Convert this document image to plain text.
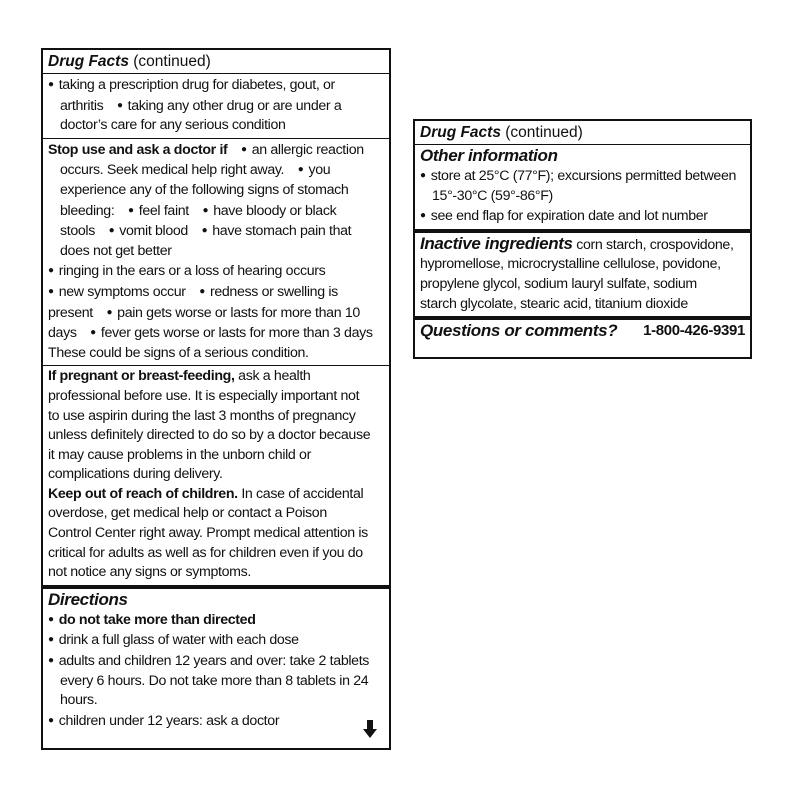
Drug Facts (continued)
● taking a prescription drug for diabetes, gout, or
arthritis ● taking any other drug or are under a
doctor’s care for any serious condition
Stop use and ask a doctor if ● an allergic reaction
occurs. Seek medical help right away. ● you
experience any of the following signs of stomach
bleeding: ● feel faint ● have bloody or black
stools ● vomit blood ● have stomach pain that
does not get better
● ringing in the ears or a loss of hearing occurs
● new symptoms occur ● redness or swelling is
present ● pain gets worse or lasts for more than 10
days ● fever gets worse or lasts for more than 3 days
These could be signs of a serious condition.
If pregnant or breast-feeding, ask a health
professional before use. It is especially important not
to use aspirin during the last 3 months of pregnancy
unless definitely directed to do so by a doctor because
it may cause problems in the unborn child or
complications during delivery.
Keep out of reach of children. In case of accidental
overdose, get medical help or contact a Poison
Control Center right away. Prompt medical attention is
critical for adults as well as for children even if you do
not notice any signs or symptoms.
Directions
● do not take more than directed
● drink a full glass of water with each dose
● adults and children 12 years and over: take 2 tablets
every 6 hours. Do not take more than 8 tablets in 24
hours.
● children under 12 years: ask a doctor
Drug Facts (continued)
Other information
● store at 25°C (77°F); excursions permitted between
15°-30°C (59°-86°F)
● see end flap for expiration date and lot number
Inactive ingredients corn starch, crospovidone,
hypromellose, microcrystalline cellulose, povidone,
propylene glycol, sodium lauryl sulfate, sodium
starch glycolate, stearic acid, titanium dioxide
Questions or comments? 1-800-426-9391
